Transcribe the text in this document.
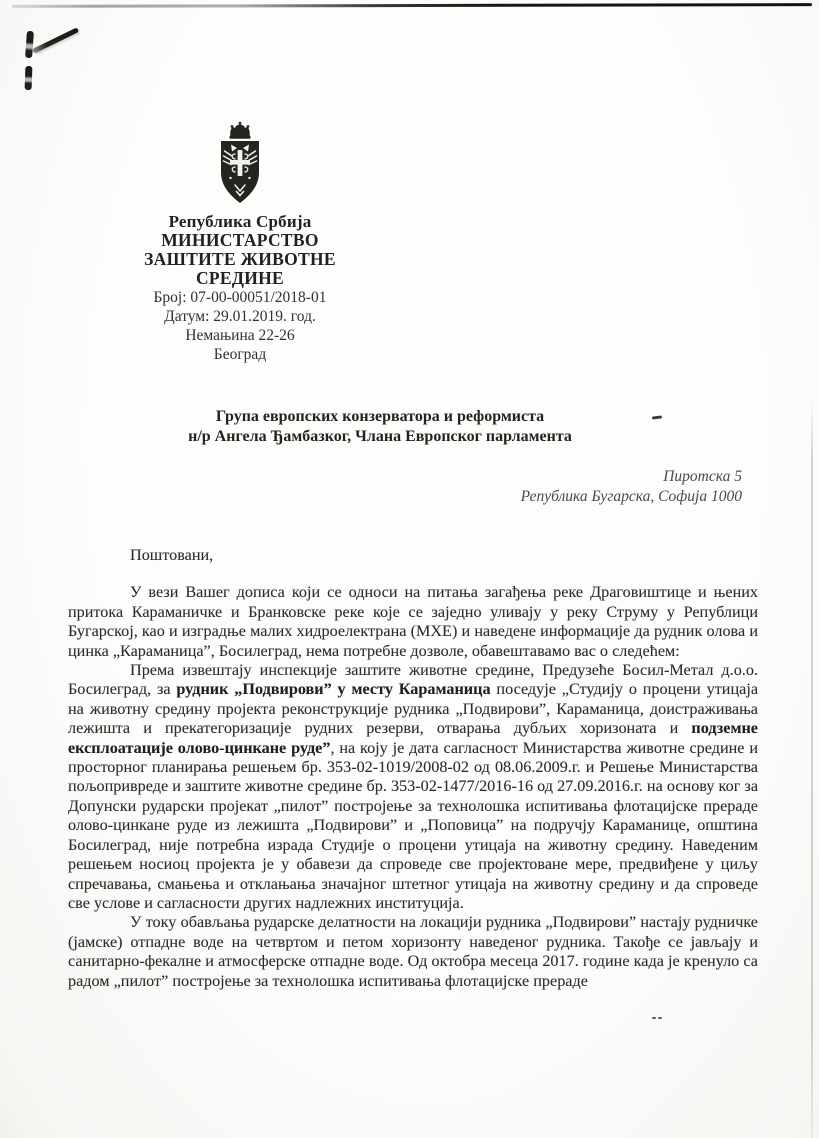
Република Србија
МИНИСТАРСТВО
ЗАШТИТЕ ЖИВОТНЕ СРЕДИНЕ
Број: 07-00-00051/2018-01
Датум: 29.01.2019. год.
Немањина 22-26
Београд
Група европских конзерватора и реформиста
н/р Ангела Ђамбазког, Члана Европског парламента
Пиротска 5
Република Бугарска, Софија 1000

Поштовани,

У вези Вашег дописа који се односи на питања загађења реке Драговиштице и њених притока Караманичке и Бранковске реке које се заједно уливају у реку Струму у Републици Бугарској, као и изградње малих хидроелектрана (МХЕ) и наведене информације да рудник олова и цинка „Караманица”, Босилеград, нема потребне дозволе, обавештавамо вас о следећем:

Према извештају инспекције заштите животне средине, Предузеће Босил-Метал д.о.о. Босилеград, за рудник „Подвирови” у месту Караманица поседује „Студију о процени утицаја на животну средину пројекта реконструкције рудника „Подвирови”, Караманица, доистраживања лежишта и прекатегоризације рудних резерви, отварања дубљих хоризоната и подземне експлоатације олово-цинкане руде”, на коју је дата сагласност Министарства животне средине и просторног планирања решењем бр. 353-02-1019/2008-02 од 08.06.2009.г. и Решење Министарства пољопривреде и заштите животне средине бр. 353-02-1477/2016-16 од 27.09.2016.г. на основу ког за Допунски рударски пројекат „пилот” постројење за технолошка испитивања флотацијске прераде олово-цинкане руде из лежишта „Подвирови” и „Поповица” на подручју Караманице, општина Босилеград, није потребна израда Студије о процени утицаја на животну средину. Наведеним решењем носиоц пројекта је у обавези да спроведе све пројектоване мере, предвиђене у циљу спречавања, смањења и отклањања значајног штетног утицаја на животну средину и да спроведе све услове и сагласности других надлежних институција.

У току обављања рударске делатности на локацији рудника „Подвирови” настају рудничке (јамске) отпадне воде на четвртом и петом хоризонту наведеног рудника. Такође се јављају и санитарно-фекалне и атмосферске отпадне воде. Од октобра месеца 2017. године када је кренуло са радом „пилот” постројење за технолошка испитивања флотацијске прераде
